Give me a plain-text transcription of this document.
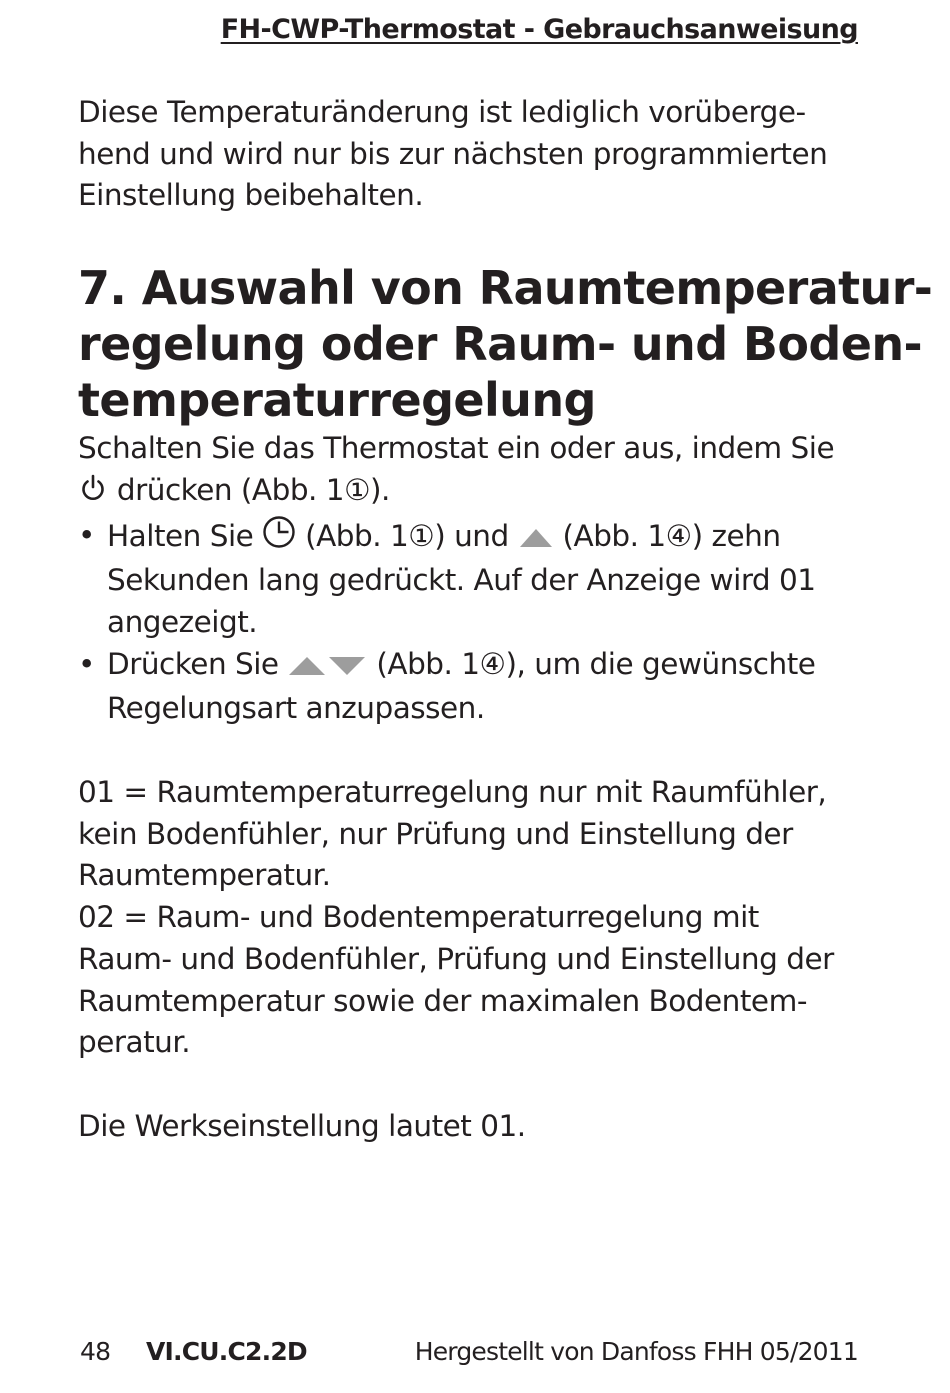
FH-CWP-Thermostat - Gebrauchsanweisung

Diese Temperaturänderung ist lediglich vorüberge-
hend und wird nur bis zur nächsten programmierten
Einstellung beibehalten.

7. Auswahl von Raumtemperatur-
regelung oder Raum- und Boden-
temperaturregelung

Schalten Sie das Thermostat ein oder aus, indem Sie
drücken (Abb. 1①).

• Halten Sie (Abb. 1①) und (Abb. 1④) zehn
Sekunden lang gedrückt. Auf der Anzeige wird 01
angezeigt.
• Drücken Sie	(Abb. 1④), um die gewünschte
Regelungsart anzupassen.

01 = Raumtemperaturregelung nur mit Raumfühler,
kein Bodenfühler, nur Prüfung und Einstellung der
Raumtemperatur.

02 = Raum- und Bodentemperaturregelung mit
Raum- und Bodenfühler, Prüfung und Einstellung der
Raumtemperatur sowie der maximalen Bodentem-
peratur.

Die Werkseinstellung lautet 01.

48 VI.CU.C2.2D	Hergestellt von Danfoss FHH 05/2011
